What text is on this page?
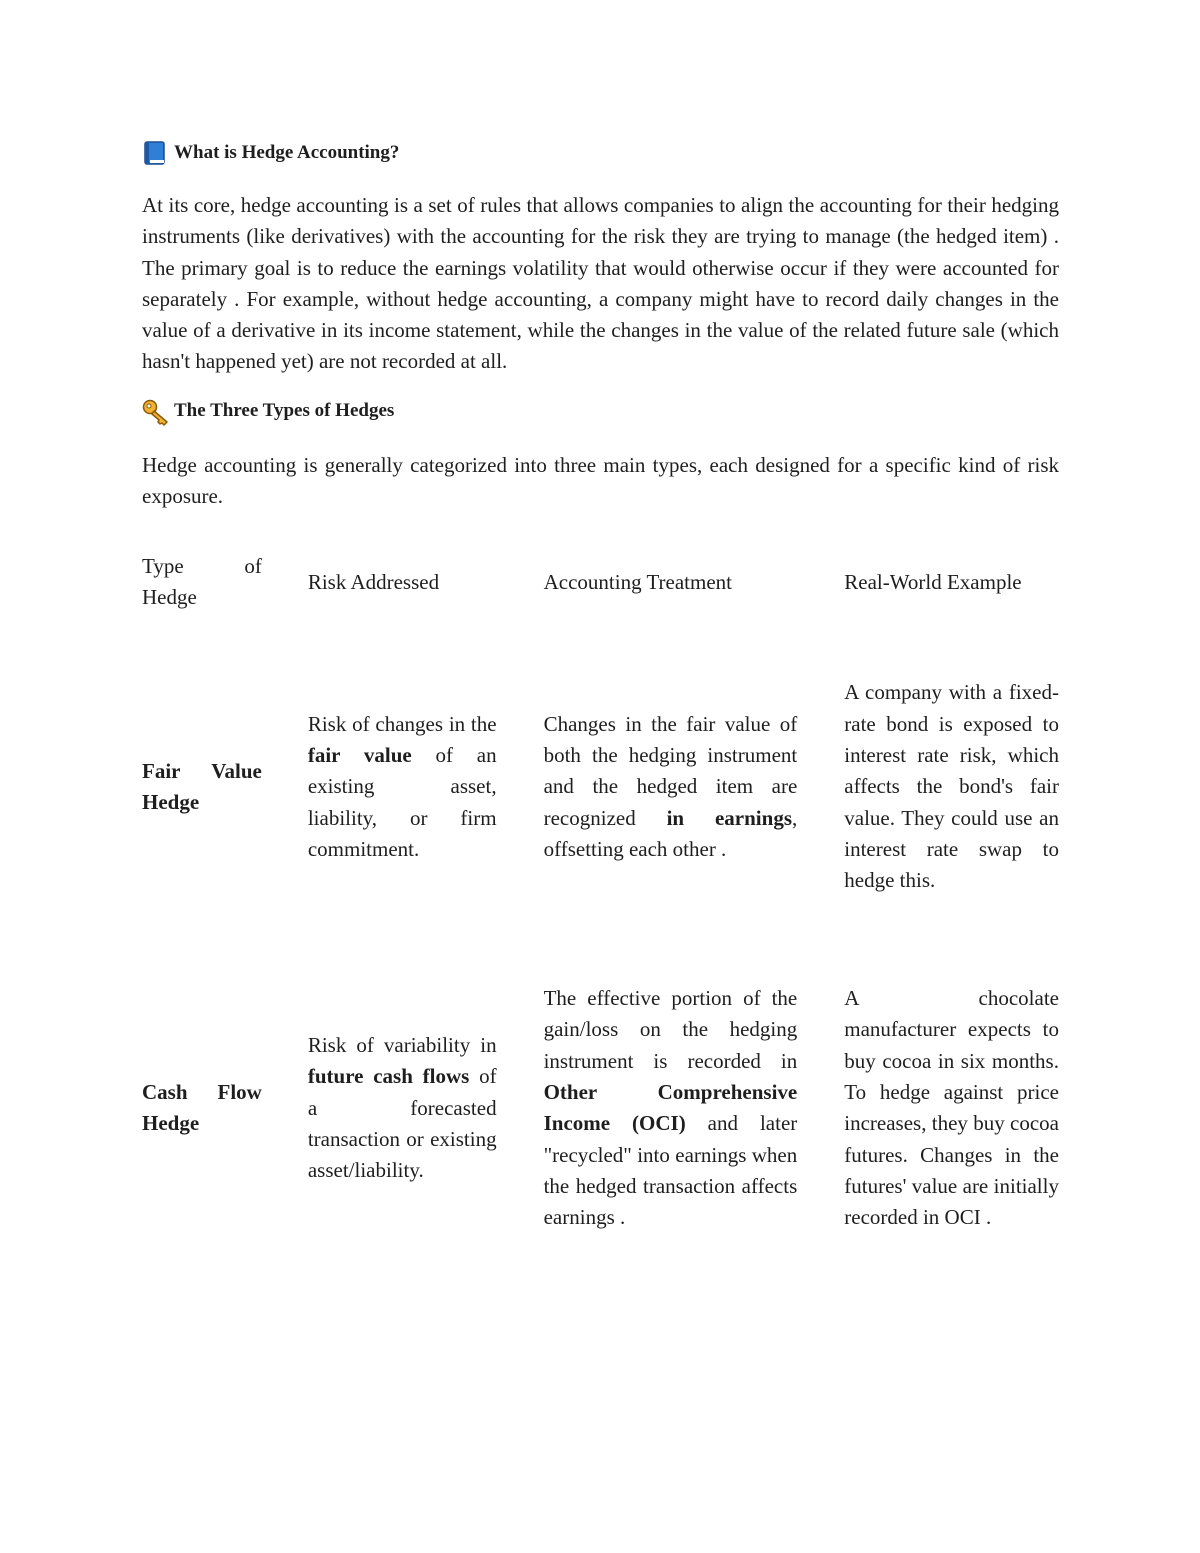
What is Hedge Accounting?

At its core, hedge accounting is a set of rules that allows companies to align the accounting for their hedging instruments (like derivatives) with the accounting for the risk they are trying to manage (the hedged item) . The primary goal is to reduce the earnings volatility that would otherwise occur if they were accounted for separately . For example, without hedge accounting, a company might have to record daily changes in the value of a derivative in its income statement, while the changes in the value of the related future sale (which hasn't happened yet) are not recorded at all.

The Three Types of Hedges

Hedge accounting is generally categorized into three main types, each designed for a specific kind of risk exposure.

Type of Hedge
Risk Addressed	Accounting Treatment	Real-World Example
Fair Value Hedge
Risk of changes in the fair value of an existing asset, liability, or firm commitment.
Changes in the fair value of both the hedging instrument and the hedged item are recognized in earnings, offsetting each other .
A company with a fixed-rate bond is exposed to interest rate risk, which affects the bond's fair value. They could use an interest rate swap to hedge this.
Cash Flow Hedge
Risk of variability in future cash flows of a forecasted transaction or existing asset/liability.
The effective portion of the gain/loss on the hedging instrument is recorded in Other Comprehensive Income (OCI) and later "recycled" into earnings when the hedged transaction affects earnings .
A chocolate manufacturer expects to buy cocoa in six months. To hedge against price increases, they buy cocoa futures. Changes in the futures' value are initially recorded in OCI .
